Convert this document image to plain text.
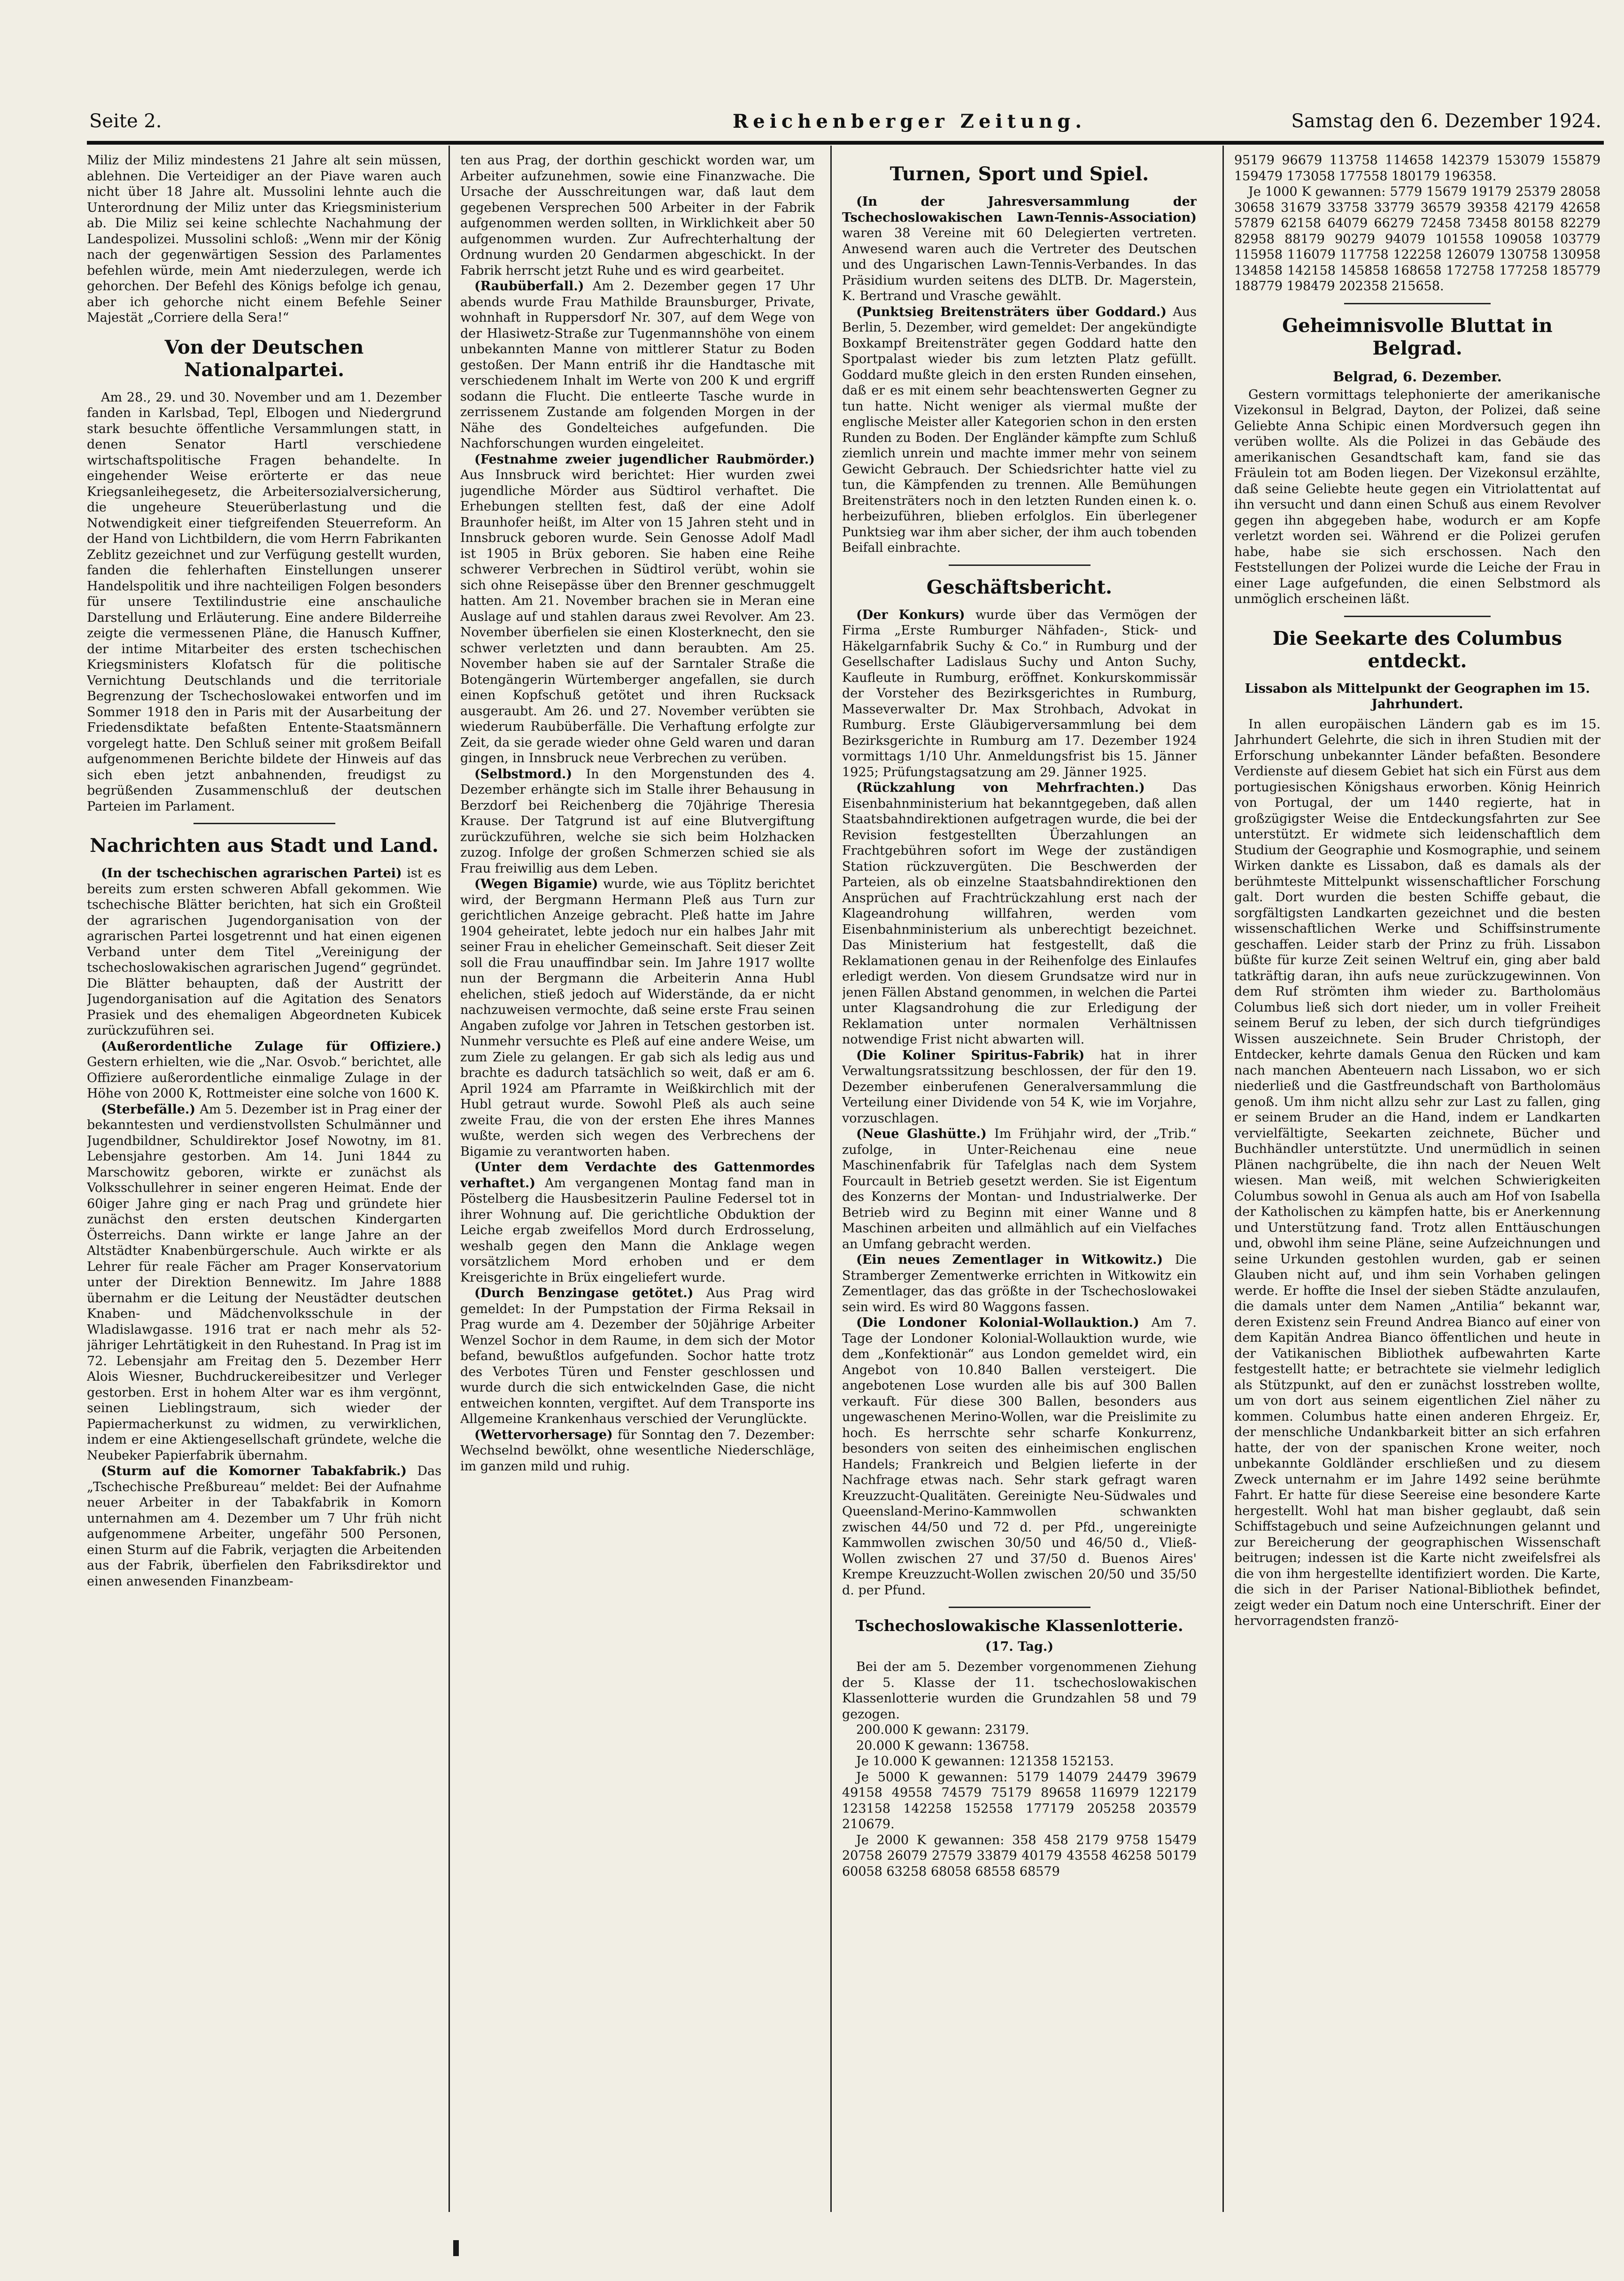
Seite 2.	Reichenberger Zeitung.	Samstag den 6. Dezember 1924.

Miliz der Miliz mindestens 21 Jahre alt sein müssen, ablehnen. Die Verteidiger an der Piave waren auch nicht über 18 Jahre alt. Mussolini lehnte auch die Unterordnung der Miliz unter das Kriegsministerium ab. Die Miliz sei keine schlechte Nachahmung der Landespolizei. Mussolini schloß: „Wenn mir der König nach der gegenwärtigen Session des Parlamentes befehlen würde, mein Amt niederzulegen, werde ich gehorchen. Der Befehl des Königs befolge ich genau, aber ich gehorche nicht einem Befehle Seiner Majestät „Corriere della Sera!“

Von der Deutschen Nationalpartei.

Am 28., 29. und 30. November und am 1. Dezember fanden in Karlsbad, Tepl, Elbogen und Niedergrund stark besuchte öffentliche Versammlungen statt, in denen Senator Hartl verschiedene wirtschaftspolitische Fragen behandelte. In eingehender Weise erörterte er das neue Kriegsanleihegesetz, die Arbeitersozialversicherung, die ungeheure Steuerüberlastung und die Notwendigkeit einer tiefgreifenden Steuerreform. An der Hand von Lichtbildern, die vom Herrn Fabrikanten Zeblitz gezeichnet und zur Verfügung gestellt wurden, fanden die fehlerhaften Einstellungen unserer Handelspolitik und ihre nachteiligen Folgen besonders für unsere Textilindustrie eine anschauliche Darstellung und Erläuterung. Eine andere Bilderreihe zeigte die vermessenen Pläne, die Hanusch Kuffner, der intime Mitarbeiter des ersten tschechischen Kriegsministers Klofatsch für die politische Vernichtung Deutschlands und die territoriale Begrenzung der Tschechoslowakei entworfen und im Sommer 1918 den in Paris mit der Ausarbeitung der Friedensdiktate befaßten Entente-Staatsmännern vorgelegt hatte. Den Schluß seiner mit großem Beifall aufgenommenen Berichte bildete der Hinweis auf das sich eben jetzt anbahnenden, freudigst zu begrüßenden Zusammenschluß der deutschen Parteien im Parlament.

Nachrichten aus Stadt und Land.

(In der tschechischen agrarischen Partei) ist es bereits zum ersten schweren Abfall gekommen. Wie tschechische Blätter berichten, hat sich ein Großteil der agrarischen Jugendorganisation von der agrarischen Partei losgetrennt und hat einen eigenen Verband unter dem Titel „Vereinigung der tschechoslowakischen agrarischen Jugend“ gegründet. Die Blätter behaupten, daß der Austritt der Jugendorganisation auf die Agitation des Senators Prasiek und des ehemaligen Abgeordneten Kubicek zurückzuführen sei.

(Außerordentliche Zulage für Offiziere.) Gestern erhielten, wie die „Nar. Osvob.“ berichtet, alle Offiziere außerordentliche einmalige Zulage in der Höhe von 2000 K, Rottmeister eine solche von 1600 K.

(Sterbefälle.) Am 5. Dezember ist in Prag einer der bekanntesten und verdienstvollsten Schulmänner und Jugendbildner, Schuldirektor Josef Nowotny, im 81. Lebensjahre gestorben. Am 14. Juni 1844 zu Marschowitz geboren, wirkte er zunächst als Volksschullehrer in seiner engeren Heimat. Ende der 60iger Jahre ging er nach Prag und gründete hier zunächst den ersten deutschen Kindergarten Österreichs. Dann wirkte er lange Jahre an der Altstädter Knabenbürgerschule. Auch wirkte er als Lehrer für reale Fächer am Prager Konservatorium unter der Direktion Bennewitz. Im Jahre 1888 übernahm er die Leitung der Neustädter deutschen Knaben- und Mädchenvolksschule in der Wladislawgasse. 1916 trat er nach mehr als 52-jähriger Lehrtätigkeit in den Ruhestand. In Prag ist im 72. Lebensjahr am Freitag den 5. Dezember Herr Alois Wiesner, Buchdruckereibesitzer und Verleger gestorben. Erst in hohem Alter war es ihm vergönnt, seinen Lieblingstraum, sich wieder der Papiermacherkunst zu widmen, zu verwirklichen, indem er eine Aktiengesellschaft gründete, welche die Neubeker Papierfabrik übernahm.

(Sturm auf die Komorner Tabakfabrik.) Das „Tschechische Preßbureau“ meldet: Bei der Aufnahme neuer Arbeiter in der Tabakfabrik in Komorn unternahmen am 4. Dezember um 7 Uhr früh nicht aufgenommene Arbeiter, ungefähr 500 Personen, einen Sturm auf die Fabrik, verjagten die Arbeitenden aus der Fabrik, überfielen den Fabriksdirektor und einen anwesenden Finanzbeam-

ten aus Prag, der dorthin geschickt worden war, um Arbeiter aufzunehmen, sowie eine Finanzwache. Die Ursache der Ausschreitungen war, daß laut dem gegebenen Versprechen 500 Arbeiter in der Fabrik aufgenommen werden sollten, in Wirklichkeit aber 50 aufgenommen wurden. Zur Aufrechterhaltung der Ordnung wurden 20 Gendarmen abgeschickt. In der Fabrik herrscht jetzt Ruhe und es wird gearbeitet.

(Raubüberfall.) Am 2. Dezember gegen 17 Uhr abends wurde Frau Mathilde Braunsburger, Private, wohnhaft in Ruppersdorf Nr. 307, auf dem Wege von der Hlasiwetz-Straße zur Tugenmannshöhe von einem unbekannten Manne von mittlerer Statur zu Boden gestoßen. Der Mann entriß ihr die Handtasche mit verschiedenem Inhalt im Werte von 200 K und ergriff sodann die Flucht. Die entleerte Tasche wurde in zerrissenem Zustande am folgenden Morgen in der Nähe des Gondelteiches aufgefunden. Die Nachforschungen wurden eingeleitet.

(Festnahme zweier jugendlicher Raubmörder.) Aus Innsbruck wird berichtet: Hier wurden zwei jugendliche Mörder aus Südtirol verhaftet. Die Erhebungen stellten fest, daß der eine Adolf Braunhofer heißt, im Alter von 15 Jahren steht und in Innsbruck geboren wurde. Sein Genosse Adolf Madl ist 1905 in Brüx geboren. Sie haben eine Reihe schwerer Verbrechen in Südtirol verübt, wohin sie sich ohne Reisepässe über den Brenner geschmuggelt hatten. Am 21. November brachen sie in Meran eine Auslage auf und stahlen daraus zwei Revolver. Am 23. November überfielen sie einen Klosterknecht, den sie schwer verletzten und dann beraubten. Am 25. November haben sie auf der Sarntaler Straße die Botengängerin Würtemberger angefallen, sie durch einen Kopfschuß getötet und ihren Rucksack ausgeraubt. Am 26. und 27. November verübten sie wiederum Raubüberfälle. Die Verhaftung erfolgte zur Zeit, da sie gerade wieder ohne Geld waren und daran gingen, in Innsbruck neue Verbrechen zu verüben.

(Selbstmord.) In den Morgenstunden des 4. Dezember erhängte sich im Stalle ihrer Behausung in Berzdorf bei Reichenberg die 70jährige Theresia Krause. Der Tatgrund ist auf eine Blutvergiftung zurückzuführen, welche sie sich beim Holzhacken zuzog. Infolge der großen Schmerzen schied sie als Frau freiwillig aus dem Leben.

(Wegen Bigamie) wurde, wie aus Töplitz berichtet wird, der Bergmann Hermann Pleß aus Turn zur gerichtlichen Anzeige gebracht. Pleß hatte im Jahre 1904 geheiratet, lebte jedoch nur ein halbes Jahr mit seiner Frau in ehelicher Gemeinschaft. Seit dieser Zeit soll die Frau unauffindbar sein. Im Jahre 1917 wollte nun der Bergmann die Arbeiterin Anna Hubl ehelichen, stieß jedoch auf Widerstände, da er nicht nachzuweisen vermochte, daß seine erste Frau seinen Angaben zufolge vor Jahren in Tetschen gestorben ist. Nunmehr versuchte es Pleß auf eine andere Weise, um zum Ziele zu gelangen. Er gab sich als ledig aus und brachte es dadurch tatsächlich so weit, daß er am 6. April 1924 am Pfarramte in Weißkirchlich mit der Hubl getraut wurde. Sowohl Pleß als auch seine zweite Frau, die von der ersten Ehe ihres Mannes wußte, werden sich wegen des Verbrechens der Bigamie zu verantworten haben.

(Unter dem Verdachte des Gattenmordes verhaftet.) Am vergangenen Montag fand man in Pöstelberg die Hausbesitzerin Pauline Federsel tot in ihrer Wohnung auf. Die gerichtliche Obduktion der Leiche ergab zweifellos Mord durch Erdrosselung, weshalb gegen den Mann die Anklage wegen vorsätzlichem Mord erhoben und er dem Kreisgerichte in Brüx eingeliefert wurde.

(Durch Benzingase getötet.) Aus Prag wird gemeldet: In der Pumpstation der Firma Reksail in Prag wurde am 4. Dezember der 50jährige Arbeiter Wenzel Sochor in dem Raume, in dem sich der Motor befand, bewußtlos aufgefunden. Sochor hatte trotz des Verbotes Türen und Fenster geschlossen und wurde durch die sich entwickelnden Gase, die nicht entweichen konnten, vergiftet. Auf dem Transporte ins Allgemeine Krankenhaus verschied der Verunglückte.

(Wettervorhersage) für Sonntag den 7. Dezember: Wechselnd bewölkt, ohne wesentliche Niederschläge, im ganzen mild und ruhig.

Turnen, Sport und Spiel.

(In der Jahresversammlung der Tschechoslowakischen Lawn-Tennis-Association) waren 38 Vereine mit 60 Delegierten vertreten. Anwesend waren auch die Vertreter des Deutschen und des Ungarischen Lawn-Tennis-Verbandes. In das Präsidium wurden seitens des DLTB. Dr. Magerstein, K. Bertrand und Vrasche gewählt.

(Punktsieg Breitensträters über Goddard.) Aus Berlin, 5. Dezember, wird gemeldet: Der angekündigte Boxkampf Breitensträter gegen Goddard hatte den Sportpalast wieder bis zum letzten Platz gefüllt. Goddard mußte gleich in den ersten Runden einsehen, daß er es mit einem sehr beachtenswerten Gegner zu tun hatte. Nicht weniger als viermal mußte der englische Meister aller Kategorien schon in den ersten Runden zu Boden. Der Engländer kämpfte zum Schluß ziemlich unrein und machte immer mehr von seinem Gewicht Gebrauch. Der Schiedsrichter hatte viel zu tun, die Kämpfenden zu trennen. Alle Bemühungen Breitensträters noch in den letzten Runden einen k. o. herbeizuführen, blieben erfolglos. Ein überlegener Punktsieg war ihm aber sicher, der ihm auch tobenden Beifall einbrachte.

Geschäftsbericht.

(Der Konkurs) wurde über das Vermögen der Firma „Erste Rumburger Nähfaden-, Stick- und Häkelgarnfabrik Suchy & Co.“ in Rumburg und der Gesellschafter Ladislaus Suchy und Anton Suchy, Kaufleute in Rumburg, eröffnet. Konkurskommissär der Vorsteher des Bezirksgerichtes in Rumburg, Masseverwalter Dr. Max Strohbach, Advokat in Rumburg. Erste Gläubigerversammlung bei dem Bezirksgerichte in Rumburg am 17. Dezember 1924 vormittags 1/10 Uhr. Anmeldungsfrist bis 15. Jänner 1925; Prüfungstagsatzung am 29. Jänner 1925.

(Rückzahlung von Mehrfrachten.) Das Eisenbahnministerium hat bekanntgegeben, daß allen Staatsbahndirektionen aufgetragen wurde, die bei der Revision festgestellten Überzahlungen an Frachtgebühren sofort im Wege der zuständigen Station rückzuvergüten. Die Beschwerden der Parteien, als ob einzelne Staatsbahndirektionen den Ansprüchen auf Frachtrückzahlung erst nach der Klageandrohung willfahren, werden vom Eisenbahnministerium als unberechtigt bezeichnet. Das Ministerium hat festgestellt, daß die Reklamationen genau in der Reihenfolge des Einlaufes erledigt werden. Von diesem Grundsatze wird nur in jenen Fällen Abstand genommen, in welchen die Partei unter Klagsandrohung die zur Erledigung der Reklamation unter normalen Verhältnissen notwendige Frist nicht abwarten will.

(Die Koliner Spiritus-Fabrik) hat in ihrer Verwaltungsratssitzung beschlossen, der für den 19. Dezember einberufenen Generalversammlung die Verteilung einer Dividende von 54 K, wie im Vorjahre, vorzuschlagen.

(Neue Glashütte.) Im Frühjahr wird, der „Trib.“ zufolge, in Unter-Reichenau eine neue Maschinenfabrik für Tafelglas nach dem System Fourcault in Betrieb gesetzt werden. Sie ist Eigentum des Konzerns der Montan- und Industrialwerke. Der Betrieb wird zu Beginn mit einer Wanne und 8 Maschinen arbeiten und allmählich auf ein Vielfaches an Umfang gebracht werden.

(Ein neues Zementlager in Witkowitz.) Die Stramberger Zementwerke errichten in Witkowitz ein Zementlager, das das größte in der Tschechoslowakei sein wird. Es wird 80 Waggons fassen.

(Die Londoner Kolonial-Wollauktion.) Am 7. Tage der Londoner Kolonial-Wollauktion wurde, wie dem „Konfektionär“ aus London gemeldet wird, ein Angebot von 10.840 Ballen versteigert. Die angebotenen Lose wurden alle bis auf 300 Ballen verkauft. Für diese 300 Ballen, besonders aus ungewaschenen Merino-Wollen, war die Preislimite zu hoch. Es herrschte sehr scharfe Konkurrenz, besonders von seiten des einheimischen englischen Handels; Frankreich und Belgien lieferte in der Nachfrage etwas nach. Sehr stark gefragt waren Kreuzzucht-Qualitäten. Gereinigte Neu-Südwales und Queensland-Merino-Kammwollen schwankten zwischen 44/50 und 72 d. per Pfd., ungereinigte Kammwollen zwischen 30/50 und 46/50 d., Vließ-Wollen zwischen 27 und 37/50 d. Buenos Aires' Krempe Kreuzzucht-Wollen zwischen 20/50 und 35/50 d. per Pfund.

Tschechoslowakische Klassenlotterie.
(17. Tag.)

Bei der am 5. Dezember vorgenommenen Ziehung der 5. Klasse der 11. tschechoslowakischen Klassenlotterie wurden die Grundzahlen 58 und 79 gezogen.

200.000 K gewann: 23179.

20.000 K gewann: 136758.

Je 10.000 K gewannen: 121358 152153.

Je 5000 K gewannen: 5179 14079 24479 39679 49158 49558 74579 75179 89658 116979 122179 123158 142258 152558 177179 205258 203579 210679.

Je 2000 K gewannen: 358 458 2179 9758 15479 20758 26079 27579 33879 40179 43558 46258 50179 60058 63258 68058 68558 68579

95179 96679 113758 114658 142379 153079 155879 159479 173058 177558 180179 196358.

Je 1000 K gewannen: 5779 15679 19179 25379 28058 30658 31679 33758 33779 36579 39358 42179 42658 57879 62158 64079 66279 72458 73458 80158 82279 82958 88179 90279 94079 101558 109058 103779 115958 116079 117758 122258 126079 130758 130958 134858 142158 145858 168658 172758 177258 185779 188779 198479 202358 215658.

Geheimnisvolle Bluttat in Belgrad.
Belgrad, 6. Dezember.

Gestern vormittags telephonierte der amerikanische Vizekonsul in Belgrad, Dayton, der Polizei, daß seine Geliebte Anna Schipic einen Mordversuch gegen ihn verüben wollte. Als die Polizei in das Gebäude des amerikanischen Gesandtschaft kam, fand sie das Fräulein tot am Boden liegen. Der Vizekonsul erzählte, daß seine Geliebte heute gegen ein Vitriolattentat auf ihn versucht und dann einen Schuß aus einem Revolver gegen ihn abgegeben habe, wodurch er am Kopfe verletzt worden sei. Während er die Polizei gerufen habe, habe sie sich erschossen. Nach den Feststellungen der Polizei wurde die Leiche der Frau in einer Lage aufgefunden, die einen Selbstmord als unmöglich erscheinen läßt.

Die Seekarte des Columbus entdeckt.
Lissabon als Mittelpunkt der Geographen im 15. Jahrhundert.

In allen europäischen Ländern gab es im 15. Jahrhundert Gelehrte, die sich in ihren Studien mit der Erforschung unbekannter Länder befaßten. Besondere Verdienste auf diesem Gebiet hat sich ein Fürst aus dem portugiesischen Königshaus erworben. König Heinrich von Portugal, der um 1440 regierte, hat in großzügigster Weise die Entdeckungsfahrten zur See unterstützt. Er widmete sich leidenschaftlich dem Studium der Geographie und Kosmographie, und seinem Wirken dankte es Lissabon, daß es damals als der berühmteste Mittelpunkt wissenschaftlicher Forschung galt. Dort wurden die besten Schiffe gebaut, die sorgfältigsten Landkarten gezeichnet und die besten wissenschaftlichen Werke und Schiffsinstrumente geschaffen. Leider starb der Prinz zu früh. Lissabon büßte für kurze Zeit seinen Weltruf ein, ging aber bald tatkräftig daran, ihn aufs neue zurückzugewinnen. Von dem Ruf strömten ihm wieder zu. Bartholomäus Columbus ließ sich dort nieder, um in voller Freiheit seinem Beruf zu leben, der sich durch tiefgründiges Wissen auszeichnete. Sein Bruder Christoph, der Entdecker, kehrte damals Genua den Rücken und kam nach manchen Abenteuern nach Lissabon, wo er sich niederließ und die Gastfreundschaft von Bartholomäus genoß. Um ihm nicht allzu sehr zur Last zu fallen, ging er seinem Bruder an die Hand, indem er Landkarten vervielfältigte, Seekarten zeichnete, Bücher und Buchhändler unterstützte. Und unermüdlich in seinen Plänen nachgrübelte, die ihn nach der Neuen Welt wiesen. Man weiß, mit welchen Schwierigkeiten Columbus sowohl in Genua als auch am Hof von Isabella der Katholischen zu kämpfen hatte, bis er Anerkennung und Unterstützung fand. Trotz allen Enttäuschungen und, obwohl ihm seine Pläne, seine Aufzeichnungen und seine Urkunden gestohlen wurden, gab er seinen Glauben nicht auf, und ihm sein Vorhaben gelingen werde. Er hoffte die Insel der sieben Städte anzulaufen, die damals unter dem Namen „Antilia“ bekannt war, deren Existenz sein Freund Andrea Bianco auf einer von dem Kapitän Andrea Bianco öffentlichen und heute in der Vatikanischen Bibliothek aufbewahrten Karte festgestellt hatte; er betrachtete sie vielmehr lediglich als Stützpunkt, auf den er zunächst losstreben wollte, um von dort aus seinem eigentlichen Ziel näher zu kommen. Columbus hatte einen anderen Ehrgeiz. Er, der menschliche Undankbarkeit bitter an sich erfahren hatte, der von der spanischen Krone weiter, noch unbekannte Goldländer erschließen und zu diesem Zweck unternahm er im Jahre 1492 seine berühmte Fahrt. Er hatte für diese Seereise eine besondere Karte hergestellt. Wohl hat man bisher geglaubt, daß sein Schiffstagebuch und seine Aufzeichnungen gelannt und zur Bereicherung der geographischen Wissenschaft beitrugen; indessen ist die Karte nicht zweifelsfrei als die von ihm hergestellte identifiziert worden. Die Karte, die sich in der Pariser National-Bibliothek befindet, zeigt weder ein Datum noch eine Unterschrift. Einer der hervorragendsten franzö-
